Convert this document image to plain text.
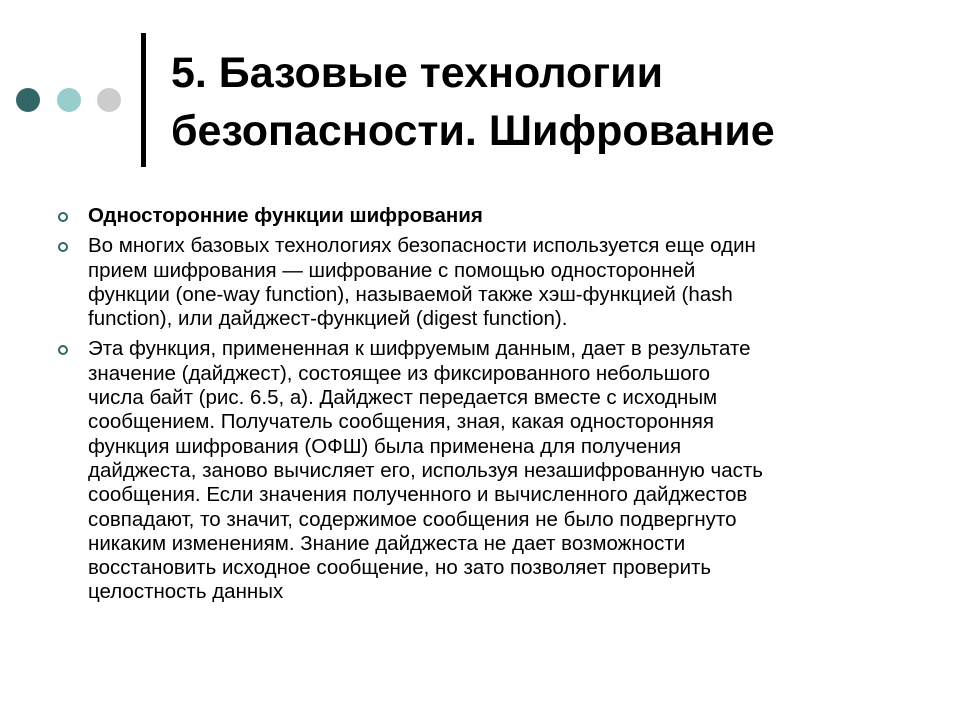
5. Базовые технологии
безопасности. Шифрование
Односторонние функции шифрования
Во многих базовых технологиях безопасности используется еще один
прием шифрования — шифрование с помощью односторонней
функции (one-way function), называемой также хэш-функцией (hash
function), или дайджест-функцией (digest function).
Эта функция, примененная к шифруемым данным, дает в результате
значение (дайджест), состоящее из фиксированного небольшого
числа байт (рис. 6.5, а). Дайджест передается вместе с исходным
сообщением. Получатель сообщения, зная, какая односторонняя
функция шифрования (ОФШ) была применена для получения
дайджеста, заново вычисляет его, используя незашифрованную часть
сообщения. Если значения полученного и вычисленного дайджестов
совпадают, то значит, содержимое сообщения не было подвергнуто
никаким изменениям. Знание дайджеста не дает возможности
восстановить исходное сообщение, но зато позволяет проверить
целостность данных
